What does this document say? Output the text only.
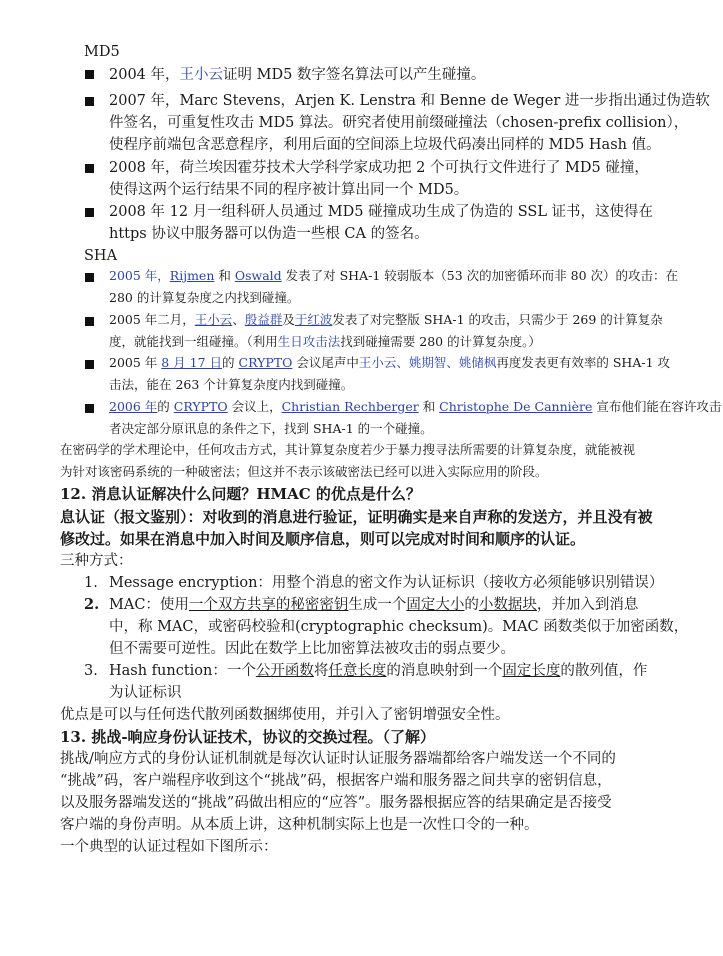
MD5
2004 年，王小云证明 MD5 数字签名算法可以产生碰撞。
2007 年，Marc Stevens，Arjen K. Lenstra 和 Benne de Weger 进一步指出通过伪造软
件签名，可重复性攻击 MD5 算法。研究者使用前缀碰撞法（chosen-prefix collision），
使程序前端包含恶意程序，利用后面的空间添上垃圾代码凑出同样的 MD5 Hash 值。
2008 年，荷兰埃因霍芬技术大学科学家成功把 2 个可执行文件进行了 MD5 碰撞，
使得这两个运行结果不同的程序被计算出同一个 MD5。
2008 年 12 月一组科研人员通过 MD5 碰撞成功生成了伪造的 SSL 证书，这使得在
https 协议中服务器可以伪造一些根 CA 的签名。
SHA
2005 年，Rijmen 和 Oswald 发表了对 SHA-1 较弱版本（53 次的加密循环而非 80 次）的攻击：在
280 的计算复杂度之内找到碰撞。
2005 年二月，王小云、殷益群及于红波发表了对完整版 SHA-1 的攻击，只需少于 269 的计算复杂
度，就能找到一组碰撞。（利用生日攻击法找到碰撞需要 280 的计算复杂度。）
2005 年 8 月 17 日的 CRYPTO 会议尾声中王小云、姚期智、姚储枫再度发表更有效率的 SHA-1 攻
击法，能在 263 个计算复杂度内找到碰撞。
2006 年的 CRYPTO 会议上，Christian Rechberger 和 Christophe De Cannière 宣布他们能在容许攻击
者决定部分原讯息的条件之下，找到 SHA-1 的一个碰撞。
在密码学的学术理论中，任何攻击方式，其计算复杂度若少于暴力搜寻法所需要的计算复杂度，就能被视
为针对该密码系统的一种破密法；但这并不表示该破密法已经可以进入实际应用的阶段。
12. 消息认证解决什么问题？HMAC 的优点是什么？
息认证（报文鉴别）：对收到的消息进行验证，证明确实是来自声称的发送方，并且没有被
修改过。如果在消息中加入时间及顺序信息，则可以完成对时间和顺序的认证。
三种方式：
1. Message encryption：用整个消息的密文作为认证标识（接收方必须能够识别错误）
2. MAC：使用一个双方共享的秘密密钥生成一个固定大小的小数据块，并加入到消息
中，称 MAC，或密码校验和(cryptographic checksum)。MAC 函数类似于加密函数，
但不需要可逆性。因此在数学上比加密算法被攻击的弱点要少。
3. Hash function：一个公开函数将任意长度的消息映射到一个固定长度的散列值，作
为认证标识
优点是可以与任何迭代散列函数捆绑使用，并引入了密钥增强安全性。
13. 挑战-响应身份认证技术，协议的交换过程。（了解）
挑战/响应方式的身份认证机制就是每次认证时认证服务器端都给客户端发送一个不同的
“挑战”码，客户端程序收到这个“挑战”码，根据客户端和服务器之间共享的密钥信息，
以及服务器端发送的“挑战”码做出相应的“应答”。服务器根据应答的结果确定是否接受
客户端的身份声明。从本质上讲，这种机制实际上也是一次性口令的一种。
一个典型的认证过程如下图所示：
